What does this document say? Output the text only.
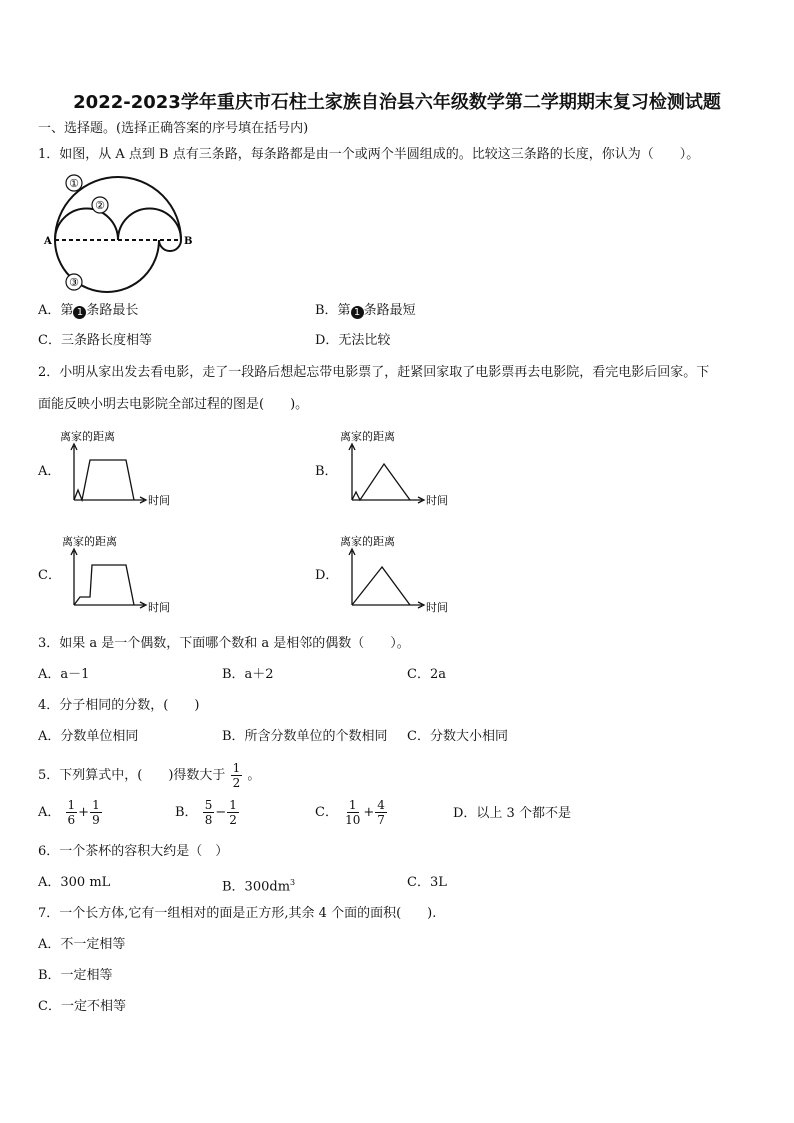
2022-2023学年重庆市石柱土家族自治县六年级数学第二学期期末复习检测试题
一、选择题。(选择正确答案的序号填在括号内)
1．如图，从 A 点到 B 点有三条路，每条路都是由一个或两个半圆组成的。比较这三条路的长度，你认为（　　）。
①
②
③
A	B
A．第 1 条路最长	B．第 1 条路最短
C．三条路长度相等	D．无法比较
2．小明从家出发去看电影，走了一段路后想起忘带电影票了，赶紧回家取了电影票再去电影院，看完电影后回家。下
面能反映小明去电影院全部过程的图是(　　)。
A．
离家的距离
时间
B．
离家的距离
时间
C．
离家的距离
时间
D．
离家的距离
时间
3．如果 a 是一个偶数，下面哪个数和 a 是相邻的偶数（　　）。
A．a－1	B．a＋2	C．2a
4．分子相同的分数，(　　)
A．分数单位相同	B．所含分数单位的个数相同 C．分数大小相同
5．下列算式中，(　　)得数大于 $\frac{1}{2}$ 。
A． $\frac{1}{6} + \frac{1}{9}$	B． $\frac{5}{8} - \frac{1}{2}$	C． $\frac{1}{10} + \frac{4}{7}$	D．以上 3 个都不是
6．一个茶杯的容积大约是（　）
A．300 mL	B．$300dm^3$	C．3L
7．一个长方体,它有一组相对的面是正方形,其余 4 个面的面积(　　).
A．不一定相等
B．一定相等
C．一定不相等
